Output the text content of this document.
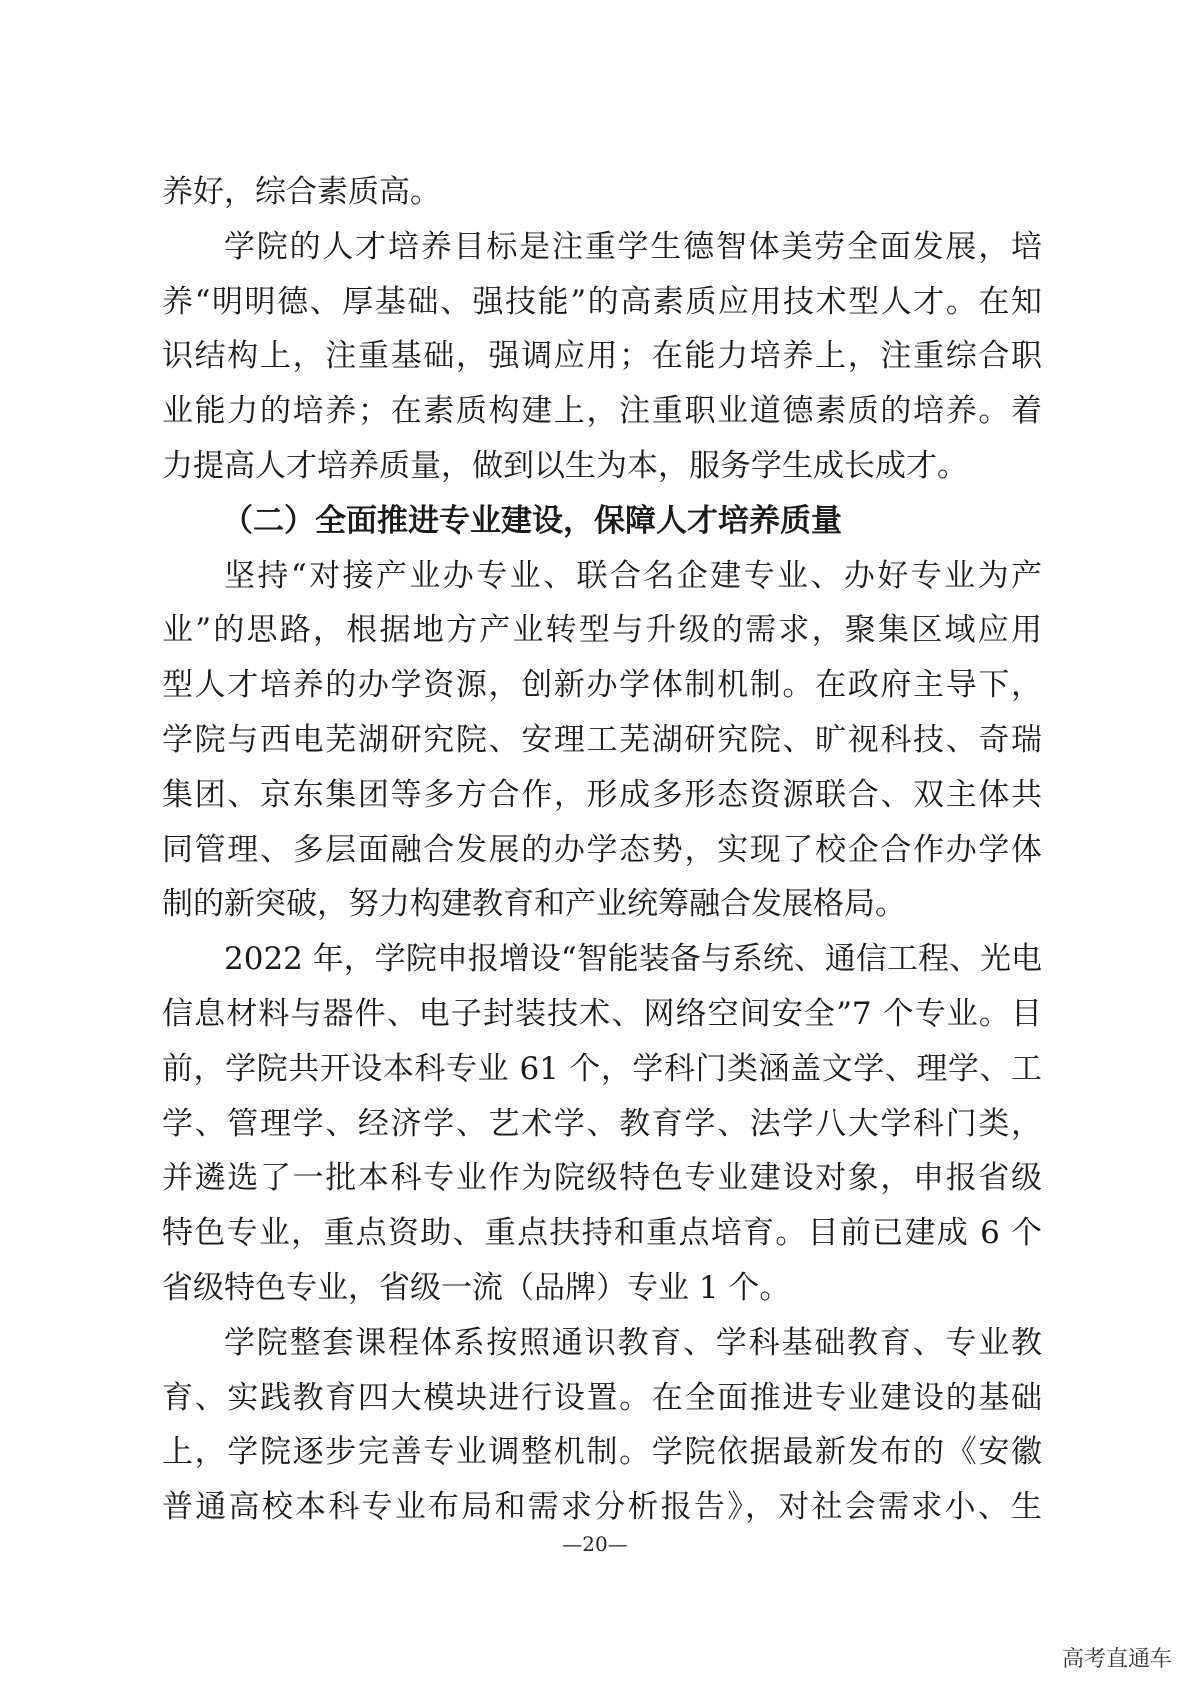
养好，综合素质高。
学院的人才培养目标是注重学生德智体美劳全面发展，培
养“明明德、厚基础、强技能”的高素质应用技术型人才。在知
识结构上，注重基础，强调应用；在能力培养上，注重综合职
业能力的培养；在素质构建上，注重职业道德素质的培养。着
力提高人才培养质量，做到以生为本，服务学生成长成才。
（二）全面推进专业建设，保障人才培养质量
坚持“对接产业办专业、联合名企建专业、办好专业为产
业”的思路，根据地方产业转型与升级的需求，聚集区域应用
型人才培养的办学资源，创新办学体制机制。在政府主导下，
学院与西电芜湖研究院、安理工芜湖研究院、旷视科技、奇瑞
集团、京东集团等多方合作，形成多形态资源联合、双主体共
同管理、多层面融合发展的办学态势，实现了校企合作办学体
制的新突破，努力构建教育和产业统筹融合发展格局。
2022 年，学院申报增设“智能装备与系统、通信工程、光电
信息材料与器件、电子封装技术、网络空间安全”7 个专业。目
前，学院共开设本科专业 61 个，学科门类涵盖文学、理学、工
学、管理学、经济学、艺术学、教育学、法学八大学科门类，
并遴选了一批本科专业作为院级特色专业建设对象，申报省级
特色专业，重点资助、重点扶持和重点培育。目前已建成 6 个
省级特色专业，省级一流（品牌）专业 1 个。
学院整套课程体系按照通识教育、学科基础教育、专业教
育、实践教育四大模块进行设置。在全面推进专业建设的基础
上，学院逐步完善专业调整机制。学院依据最新发布的《安徽
普通高校本科专业布局和需求分析报告》，对社会需求小、生
—20—
高考直通车
